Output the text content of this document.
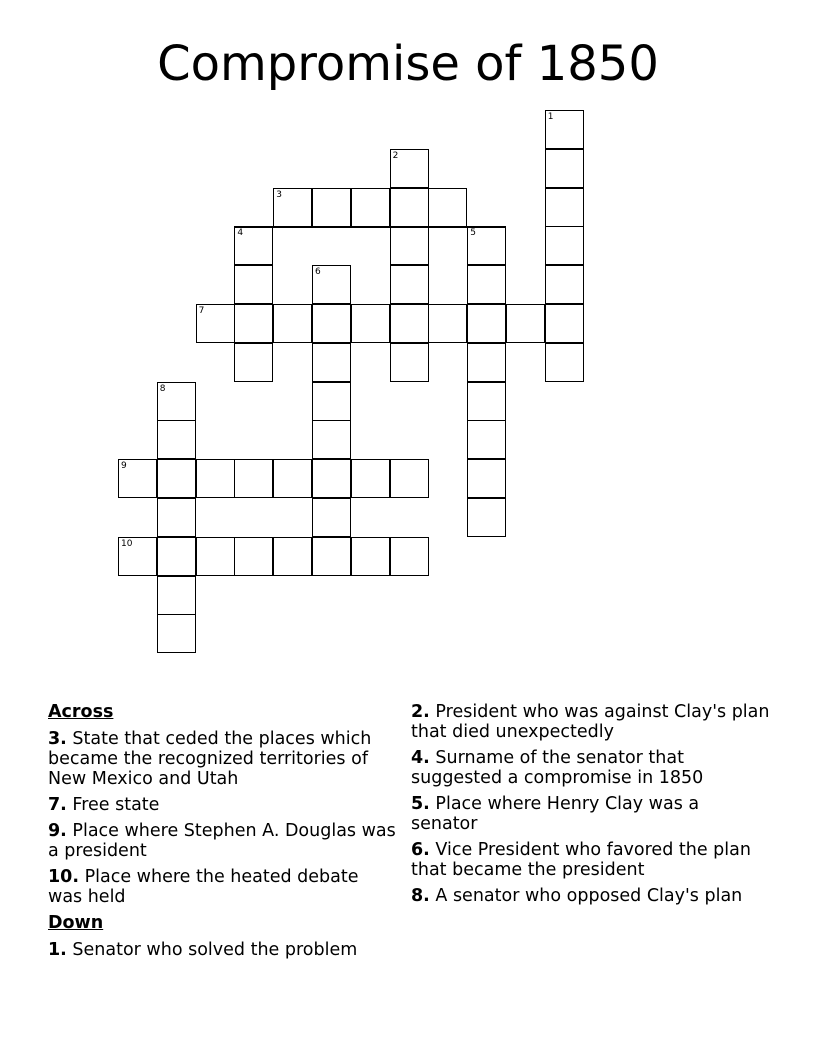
Compromise of 1850
3
7
9
10
1
2
4	5
6
8
Across
3. State that ceded the places which became the recognized territories of New Mexico and Utah
7. Free state
9. Place where Stephen A. Douglas was a president
10. Place where the heated debate was held
Down
1. Senator who solved the problem
2. President who was against Clay's plan that died unexpectedly
4. Surname of the senator that suggested a compromise in 1850
5. Place where Henry Clay was a senator
6. Vice President who favored the plan that became the president
8. A senator who opposed Clay's plan
